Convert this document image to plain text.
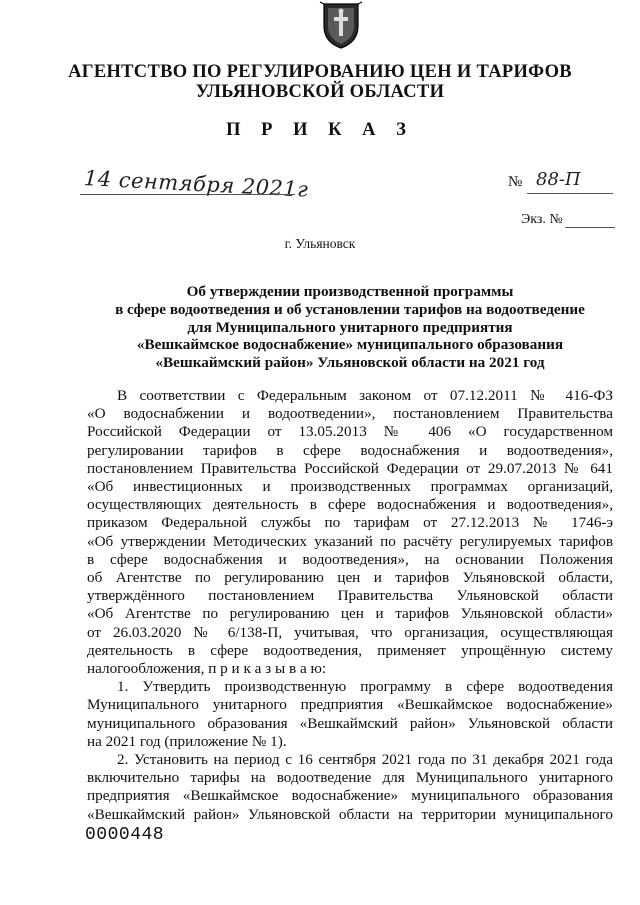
АГЕНТСТВО ПО РЕГУЛИРОВАНИЮ ЦЕН И ТАРИФОВ
УЛЬЯНОВСКОЙ ОБЛАСТИ
П Р И К А З
14 сентября 2021г	№ 88-П
Экз. №
г. Ульяновск
Об утверждении производственной программы
в сфере водоотведения и об установлении тарифов на водоотведение
для Муниципального унитарного предприятия
«Вешкаймское водоснабжение» муниципального образования
«Вешкаймский район» Ульяновской области на 2021 год
В соответствии с Федеральным законом от 07.12.2011 № 416-ФЗ
«О водоснабжении и водоотведении», постановлением Правительства
Российской Федерации от 13.05.2013 № 406 «О государственном
регулировании тарифов в сфере водоснабжения и водоотведения»,
постановлением Правительства Российской Федерации от 29.07.2013 № 641
«Об инвестиционных и производственных программах организаций,
осуществляющих деятельность в сфере водоснабжения и водоотведения»,
приказом Федеральной службы по тарифам от 27.12.2013 № 1746-э
«Об утверждении Методических указаний по расчёту регулируемых тарифов
в сфере водоснабжения и водоотведения», на основании Положения
об Агентстве по регулированию цен и тарифов Ульяновской области,
утверждённого постановлением Правительства Ульяновской области
«Об Агентстве по регулированию цен и тарифов Ульяновской области»
от 26.03.2020 № 6/138-П, учитывая, что организация, осуществляющая
деятельность в сфере водоотведения, применяет упрощённую систему
налогообложения, п р и к а з ы в а ю:
1. Утвердить производственную программу в сфере водоотведения
Муниципального унитарного предприятия «Вешкаймское водоснабжение»
муниципального образования «Вешкаймский район» Ульяновской области
на 2021 год (приложение № 1).
2. Установить на период с 16 сентября 2021 года по 31 декабря 2021 года
включительно тарифы на водоотведение для Муниципального унитарного
предприятия «Вешкаймское водоснабжение» муниципального образования
«Вешкаймский район» Ульяновской области на территории муниципального
0000448
